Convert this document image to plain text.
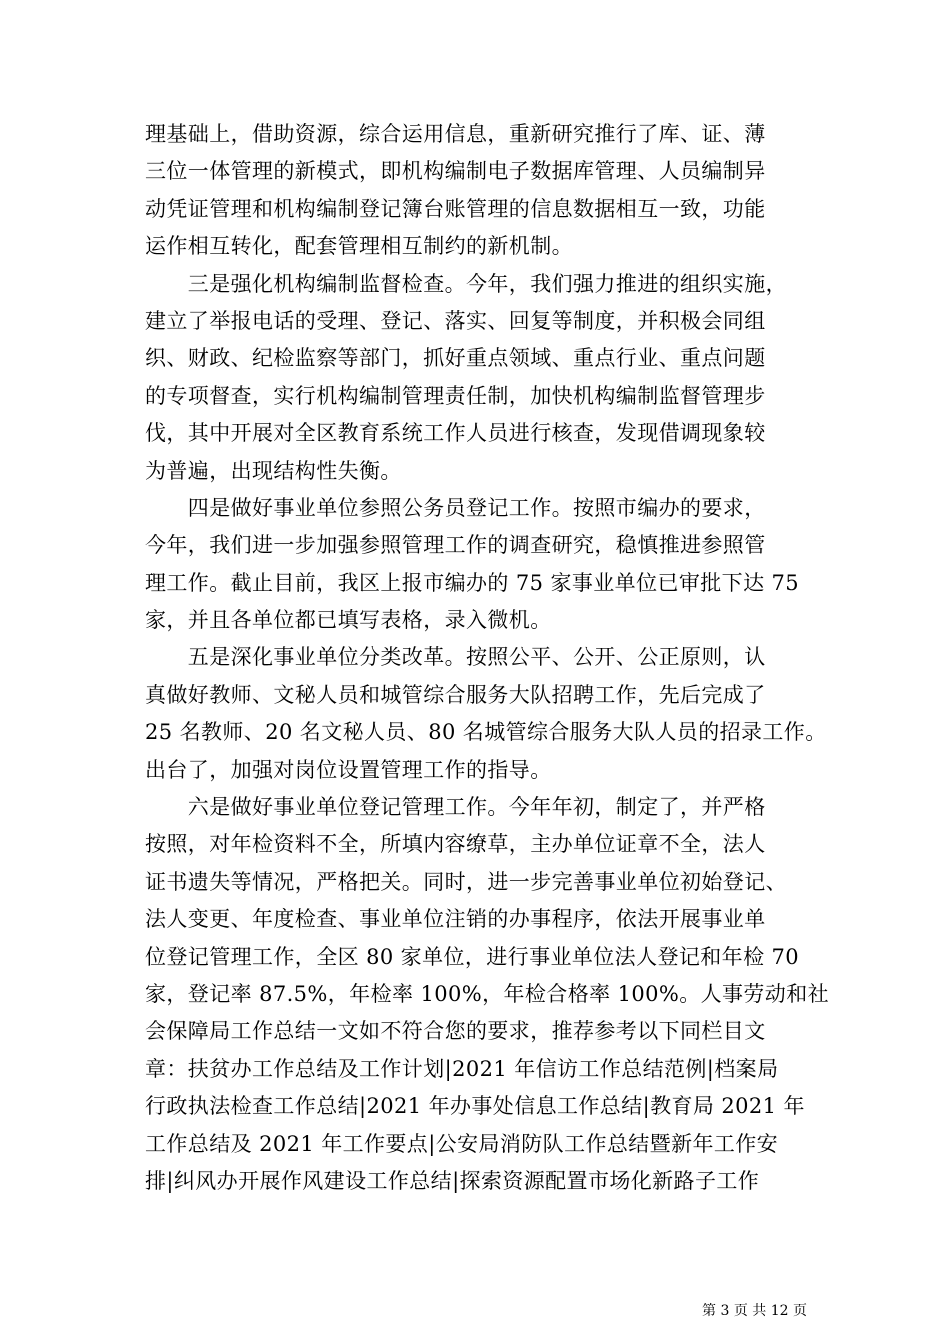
理基础上，借助资源，综合运用信息，重新研究推行了库、证、薄
三位一体管理的新模式，即机构编制电子数据库管理、人员编制异
动凭证管理和机构编制登记簿台账管理的信息数据相互一致，功能
运作相互转化，配套管理相互制约的新机制。
　　三是强化机构编制监督检查。今年，我们强力推进的组织实施，
建立了举报电话的受理、登记、落实、回复等制度，并积极会同组
织、财政、纪检监察等部门，抓好重点领域、重点行业、重点问题
的专项督查，实行机构编制管理责任制，加快机构编制监督管理步
伐，其中开展对全区教育系统工作人员进行核查，发现借调现象较
为普遍，出现结构性失衡。
　　四是做好事业单位参照公务员登记工作。按照市编办的要求，
今年，我们进一步加强参照管理工作的调查研究，稳慎推进参照管
理工作。截止目前，我区上报市编办的 75 家事业单位已审批下达 75
家，并且各单位都已填写表格，录入微机。
　　五是深化事业单位分类改革。按照公平、公开、公正原则，认
真做好教师、文秘人员和城管综合服务大队招聘工作，先后完成了
25 名教师、20 名文秘人员、80 名城管综合服务大队人员的招录工作。
出台了，加强对岗位设置管理工作的指导。
　　六是做好事业单位登记管理工作。今年年初，制定了，并严格
按照，对年检资料不全，所填内容缭草，主办单位证章不全，法人
证书遗失等情况，严格把关。同时，进一步完善事业单位初始登记、
法人变更、年度检查、事业单位注销的办事程序，依法开展事业单
位登记管理工作，全区 80 家单位，进行事业单位法人登记和年检 70
家，登记率 87.5%，年检率 100%，年检合格率 100%。人事劳动和社
会保障局工作总结一文如不符合您的要求，推荐参考以下同栏目文
章：扶贫办工作总结及工作计划|2021 年信访工作总结范例|档案局
行政执法检查工作总结|2021 年办事处信息工作总结|教育局 2021 年
工作总结及 2021 年工作要点|公安局消防队工作总结暨新年工作安
排|纠风办开展作风建设工作总结|探索资源配置市场化新路子工作
第 3 页 共 12 页
